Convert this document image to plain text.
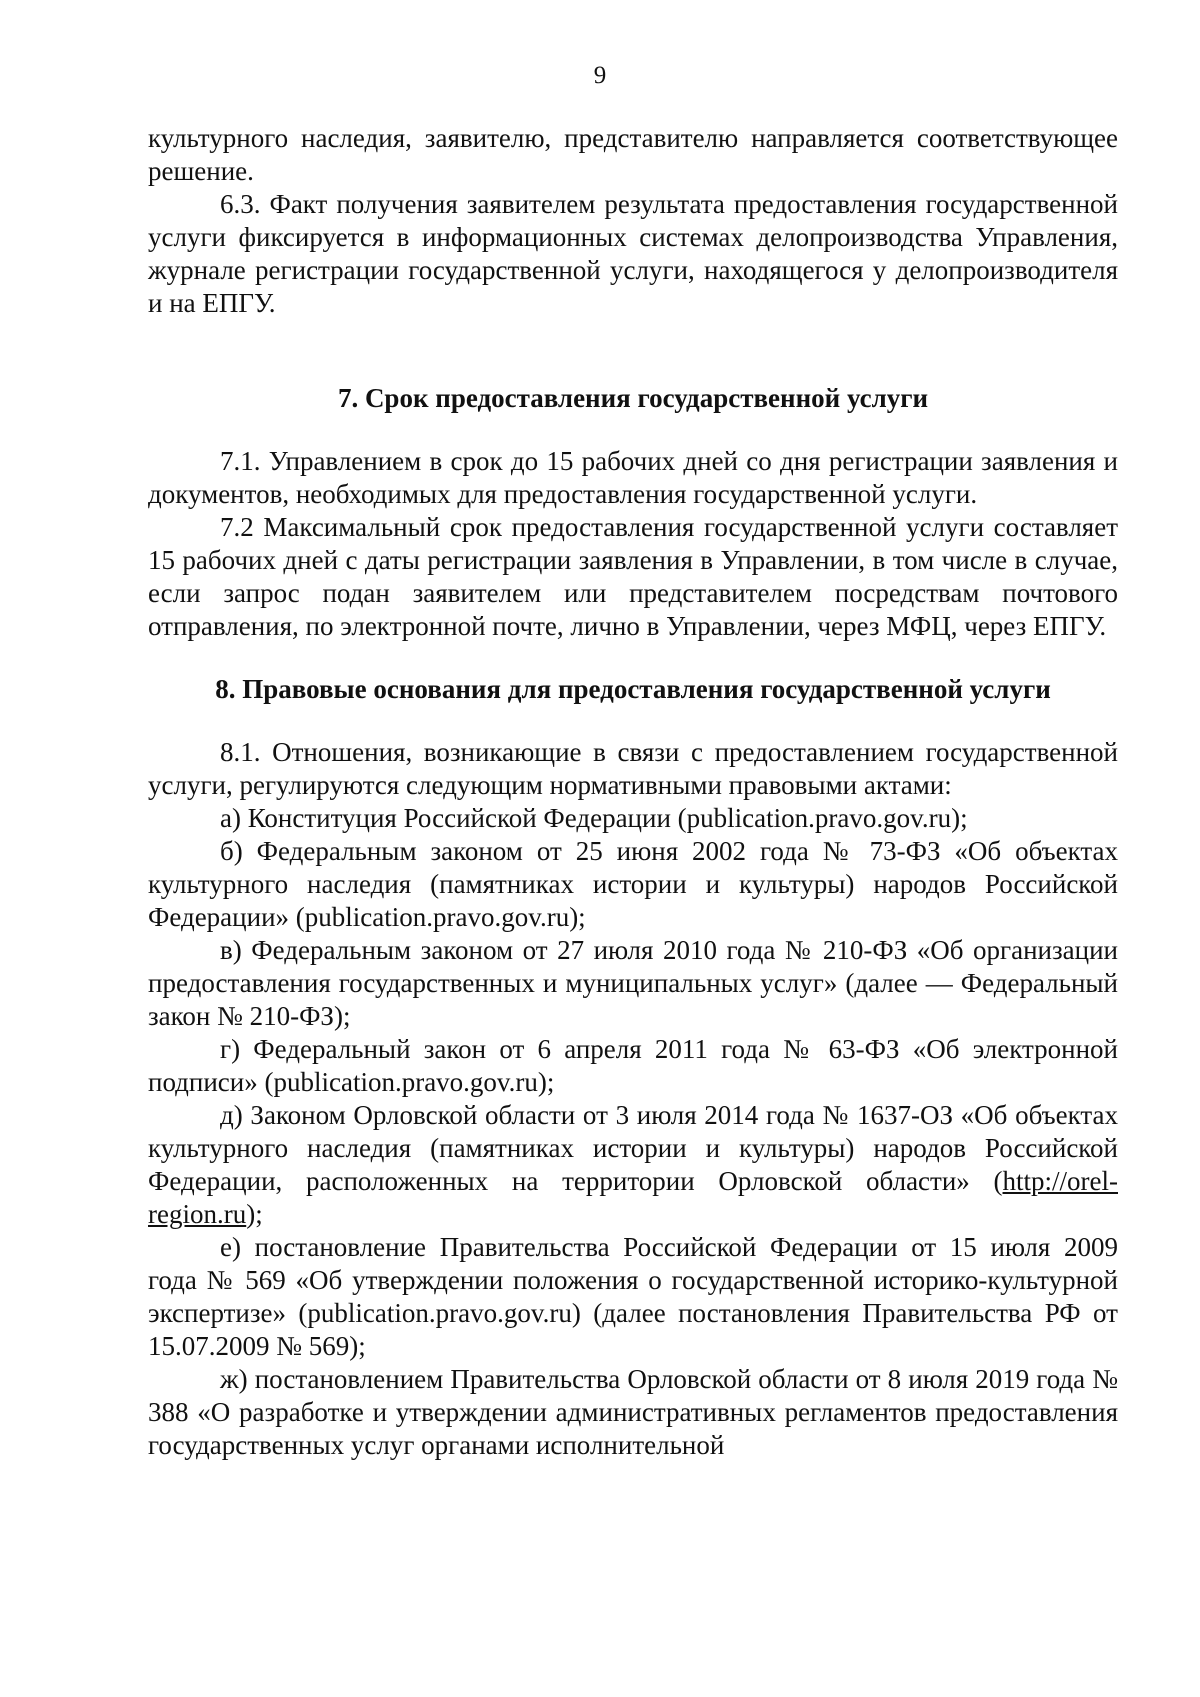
9

культурного наследия, заявителю, представителю направляется соответствующее решение.

6.3. Факт получения заявителем результата предоставления государственной услуги фиксируется в информационных системах делопроизводства Управления, журнале регистрации государственной услуги, находящегося у делопроизводителя и на ЕПГУ.

7. Срок предоставления государственной услуги

7.1. Управлением в срок до 15 рабочих дней со дня регистрации заявления и документов, необходимых для предоставления государственной услуги.

7.2 Максимальный срок предоставления государственной услуги составляет 15 рабочих дней с даты регистрации заявления в Управлении, в том числе в случае, если запрос подан заявителем или представителем посредствам почтового отправления, по электронной почте, лично в Управлении, через МФЦ, через ЕПГУ.

8. Правовые основания для предоставления государственной услуги

8.1. Отношения, возникающие в связи с предоставлением государственной услуги, регулируются следующим нормативными правовыми актами:

а) Конституция Российской Федерации (publication.pravo.gov.ru);

б) Федеральным законом от 25 июня 2002 года № 73-ФЗ «Об объектах культурного наследия (памятниках истории и культуры) народов Российской Федерации» (publication.pravo.gov.ru);

в) Федеральным законом от 27 июля 2010 года № 210-ФЗ «Об организации предоставления государственных и муниципальных услуг» (далее — Федеральный закон № 210-ФЗ);

г) Федеральный закон от 6 апреля 2011 года № 63-ФЗ «Об электронной подписи» (publication.pravo.gov.ru);

д) Законом Орловской области от 3 июля 2014 года № 1637-ОЗ «Об объектах культурного наследия (памятниках истории и культуры) народов Российской Федерации, расположенных на территории Орловской области» (http://orel-region.ru);

е) постановление Правительства Российской Федерации от 15 июля 2009 года № 569 «Об утверждении положения о государственной историко-культурной экспертизе» (publication.pravo.gov.ru) (далее постановления Правительства РФ от 15.07.2009 № 569);

ж) постановлением Правительства Орловской области от 8 июля 2019 года № 388 «О разработке и утверждении административных регламентов предоставления государственных услуг органами исполнительной
